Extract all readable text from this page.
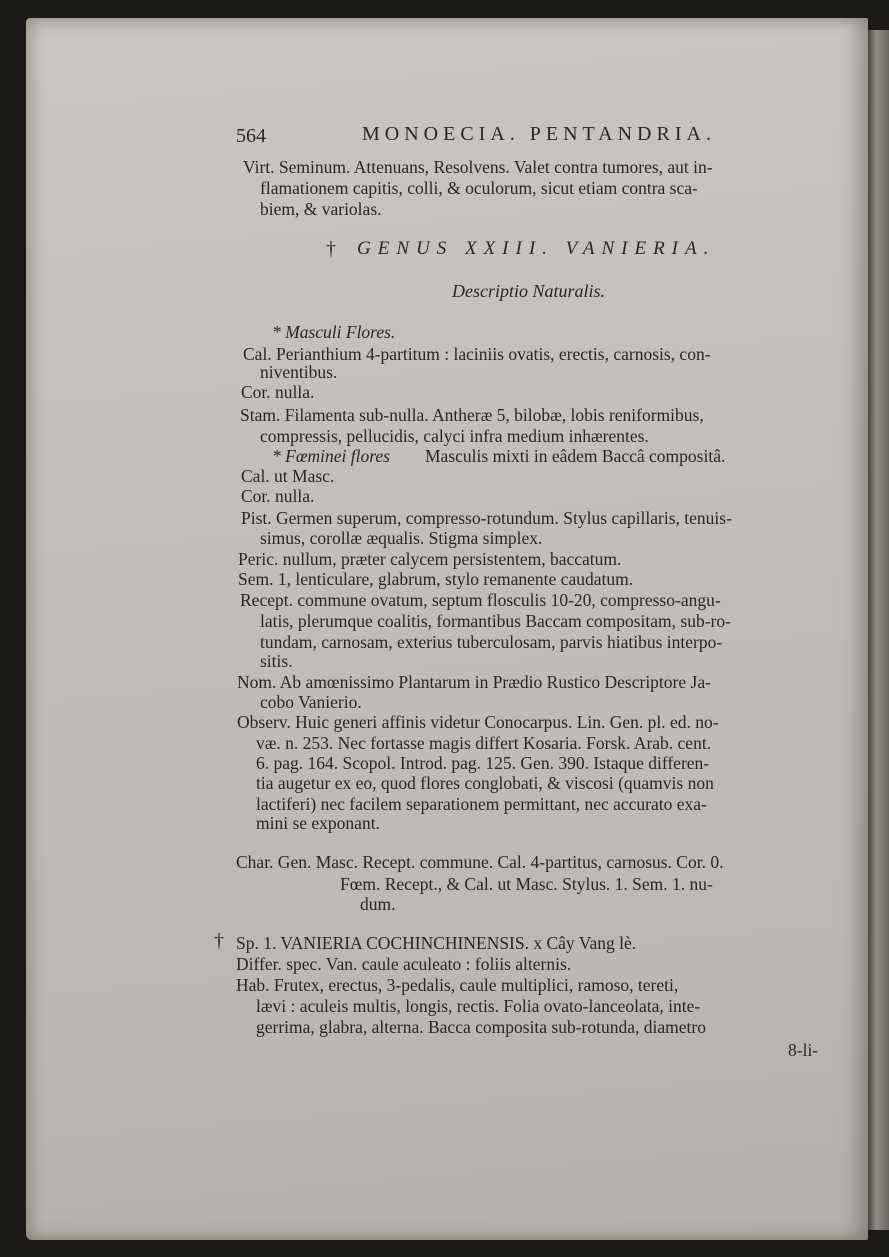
564	MONOECIA. PENTANDRIA.
Virt. Seminum. Attenuans, Resolvens. Valet contra tumores, aut in-
flamationem capitis, colli, & oculorum, sicut etiam contra sca-
biem, & variolas.
† GENUS XXIII. VANIERIA.
Descriptio Naturalis.
* Masculi Flores.
Cal. Perianthium 4-partitum : laciniis ovatis, erectis, carnosis, con-
niventibus.
Cor. nulla.
Stam. Filamenta sub-nulla. Antheræ 5, bilobæ, lobis reniformibus,
compressis, pellucidis, calyci infra medium inhærentes.
* Fœminei flores Masculis mixti in eâdem Baccâ compositâ.
Cal. ut Masc.
Cor. nulla.
Pist. Germen superum, compresso-rotundum. Stylus capillaris, tenuis-
simus, corollæ æqualis. Stigma simplex.
Peric. nullum, præter calycem persistentem, baccatum.
Sem. 1, lenticulare, glabrum, stylo remanente caudatum.
Recept. commune ovatum, septum flosculis 10-20, compresso-angu-
latis, plerumque coalitis, formantibus Baccam compositam, sub-ro-
tundam, carnosam, exterius tuberculosam, parvis hiatibus interpo-
sitis.
Nom. Ab amœnissimo Plantarum in Prædio Rustico Descriptore Ja-
cobo Vanierio.
Observ. Huic generi affinis videtur Conocarpus. Lin. Gen. pl. ed. no-
væ. n. 253. Nec fortasse magis differt Kosaria. Forsk. Arab. cent.
6. pag. 164. Scopol. Introd. pag. 125. Gen. 390. Istaque differen-
tia augetur ex eo, quod flores conglobati, & viscosi (quamvis non
lactiferi) nec facilem separationem permittant, nec accurato exa-
mini se exponant.
Char. Gen. Masc. Recept. commune. Cal. 4-partitus, carnosus. Cor. 0.
Fœm. Recept., & Cal. ut Masc. Stylus. 1. Sem. 1. nu-
dum.
† Sp. 1. VANIERIA COCHINCHINENSIS. x Cây Vang lè.
Differ. spec. Van. caule aculeato : foliis alternis.
Hab. Frutex, erectus, 3-pedalis, caule multiplici, ramoso, tereti,
lævi : aculeis multis, longis, rectis. Folia ovato-lanceolata, inte-
gerrima, glabra, alterna. Bacca composita sub-rotunda, diametro
8-li-
